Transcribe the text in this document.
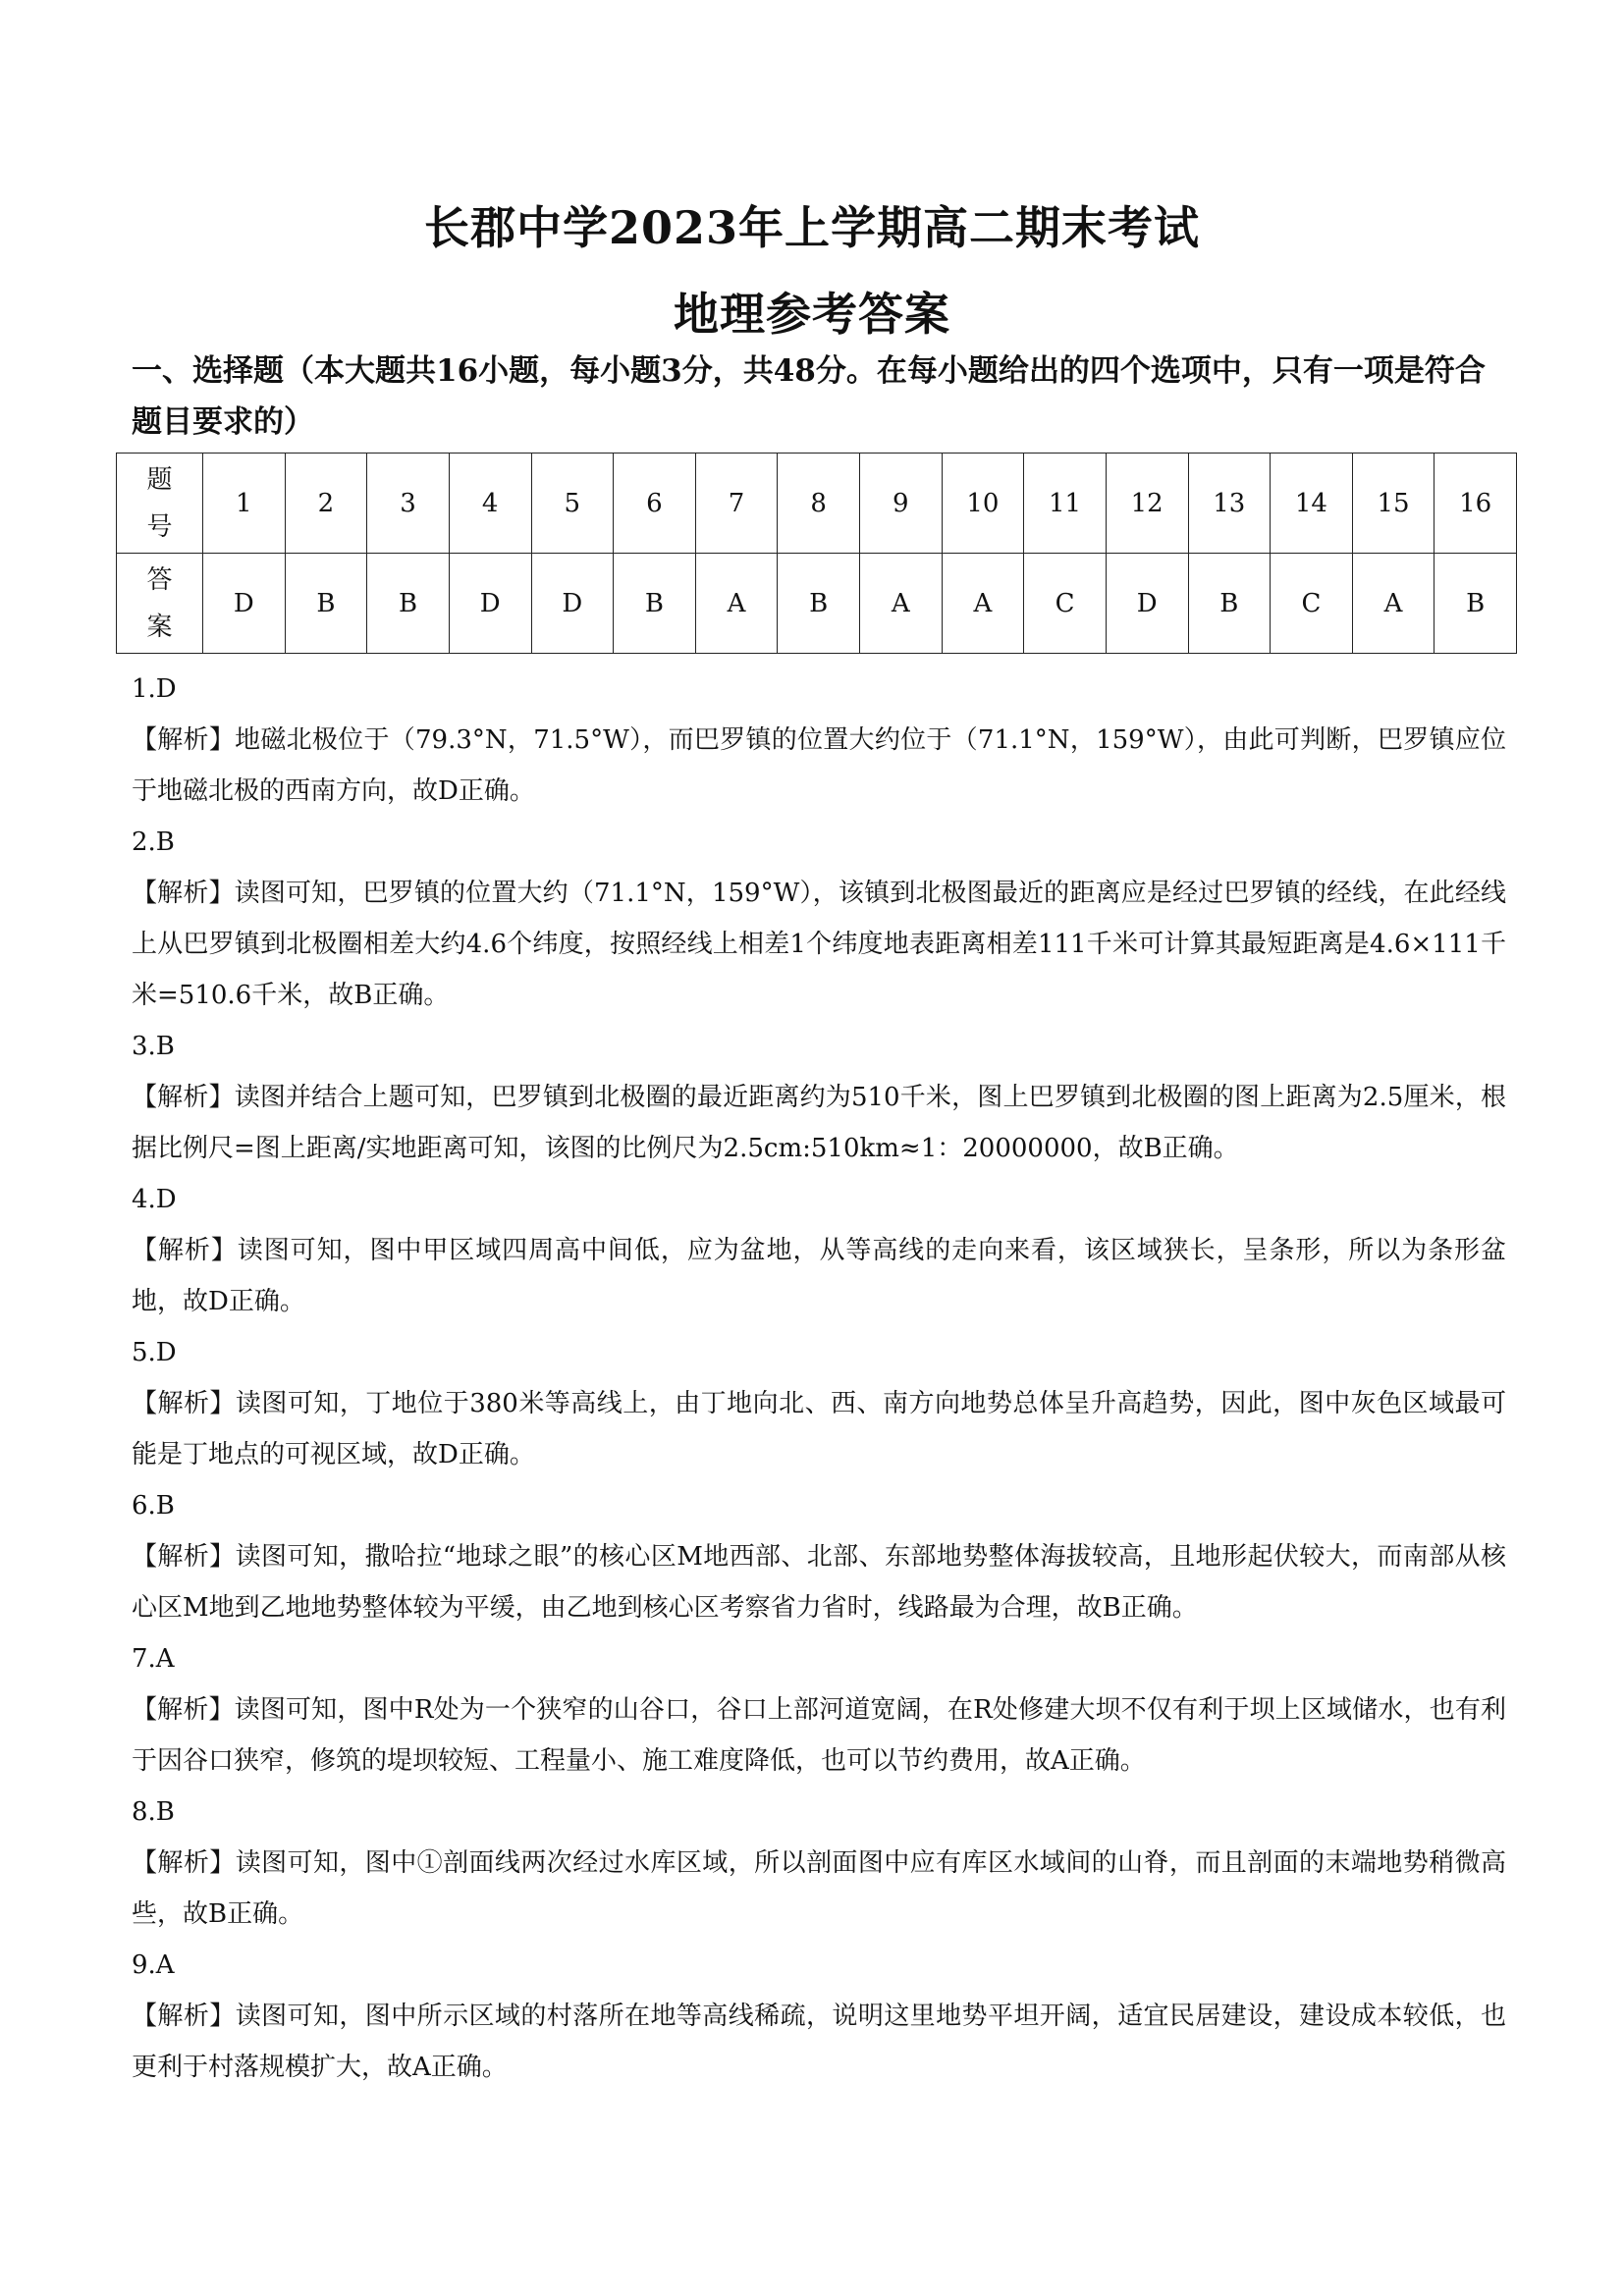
长郡中学2023年上学期高二期末考试
地理参考答案
一、选择题（本大题共16小题，每小题3分，共48分。在每小题给出的四个选项中，只有一项是符合题目要求的）
题
号	1	2	3	4	5	6	7	8	9	10	11	12	13	14	15	16

答
案	D	B	B	D	D	B	A	B	A	A	C	D	B	C	A	B
1.D
【解析】地磁北极位于（79.3°N，71.5°W），而巴罗镇的位置大约位于（71.1°N，159°W），由此可判断，巴罗镇应位于地磁北极的西南方向，故D正确。
2.B
【解析】读图可知，巴罗镇的位置大约（71.1°N，159°W），该镇到北极图最近的距离应是经过巴罗镇的经线，在此经线上从巴罗镇到北极圈相差大约4.6个纬度，按照经线上相差1个纬度地表距离相差111千米可计算其最短距离是4.6×111千米=510.6千米，故B正确。
3.B
【解析】读图并结合上题可知，巴罗镇到北极圈的最近距离约为510千米，图上巴罗镇到北极圈的图上距离为2.5厘米，根据比例尺=图上距离/实地距离可知，该图的比例尺为2.5cm:510km≈1：20000000，故B正确。
4.D
【解析】读图可知，图中甲区域四周高中间低，应为盆地，从等高线的走向来看，该区域狭长，呈条形，所以为条形盆地，故D正确。
5.D
【解析】读图可知，丁地位于380米等高线上，由丁地向北、西、南方向地势总体呈升高趋势，因此，图中灰色区域最可能是丁地点的可视区域，故D正确。
6.B
【解析】读图可知，撒哈拉“地球之眼”的核心区M地西部、北部、东部地势整体海拔较高，且地形起伏较大，而南部从核心区M地到乙地地势整体较为平缓，由乙地到核心区考察省力省时，线路最为合理，故B正确。
7.A
【解析】读图可知，图中R处为一个狭窄的山谷口，谷口上部河道宽阔，在R处修建大坝不仅有利于坝上区域储水，也有利于因谷口狭窄，修筑的堤坝较短、工程量小、施工难度降低，也可以节约费用，故A正确。
8.B
【解析】读图可知，图中①剖面线两次经过水库区域，所以剖面图中应有库区水域间的山脊，而且剖面的末端地势稍微高些，故B正确。
9.A
【解析】读图可知，图中所示区域的村落所在地等高线稀疏，说明这里地势平坦开阔，适宜民居建设，建设成本较低，也更利于村落规模扩大，故A正确。
